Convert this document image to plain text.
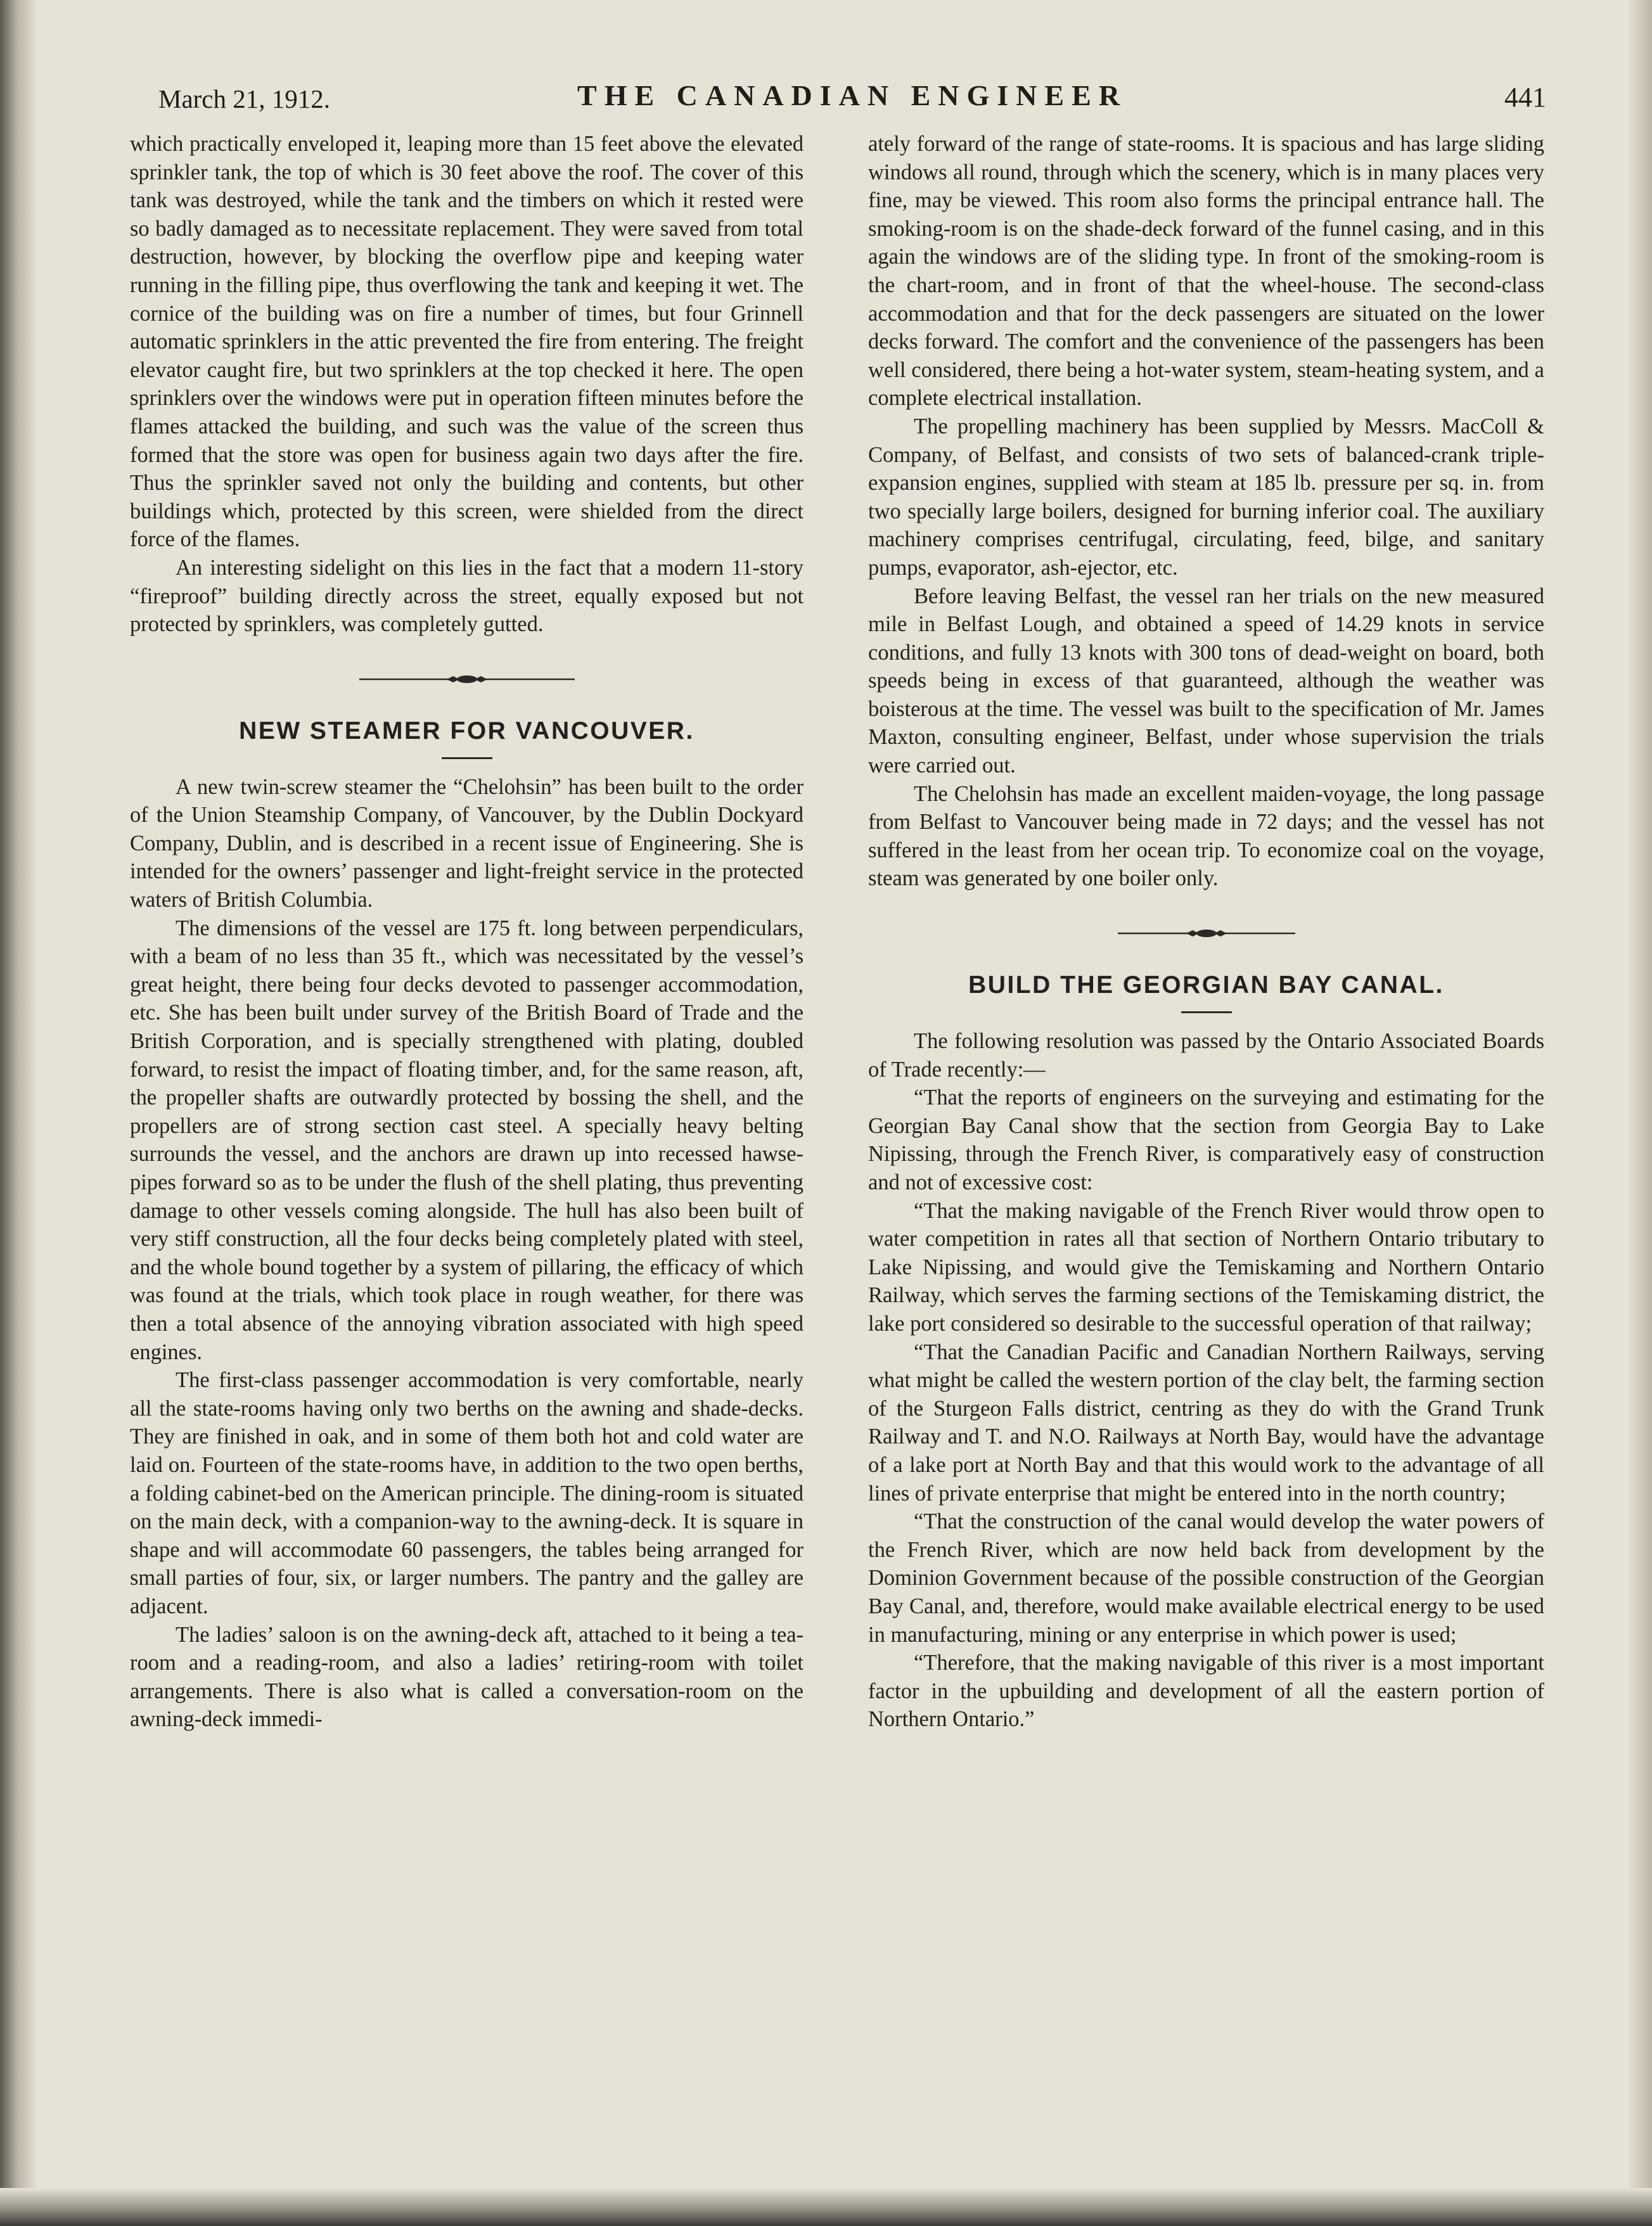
March 21, 1912.	THE CANADIAN ENGINEER	441

which practically enveloped it, leaping more than 15 feet above the elevated sprinkler tank, the top of which is 30 feet above the roof. The cover of this tank was destroyed, while the tank and the timbers on which it rested were so badly damaged as to necessitate replacement. They were saved from total destruction, however, by blocking the overflow pipe and keeping water running in the filling pipe, thus overflowing the tank and keeping it wet. The cornice of the building was on fire a number of times, but four Grinnell automatic sprinklers in the attic prevented the fire from entering. The freight elevator caught fire, but two sprinklers at the top checked it here. The open sprinklers over the windows were put in operation fifteen minutes before the flames attacked the building, and such was the value of the screen thus formed that the store was open for business again two days after the fire. Thus the sprinkler saved not only the building and contents, but other buildings which, protected by this screen, were shielded from the direct force of the flames.

An interesting sidelight on this lies in the fact that a modern 11-story “fireproof” building directly across the street, equally exposed but not protected by sprinklers, was completely gutted.

NEW STEAMER FOR VANCOUVER.

A new twin-screw steamer the “Chelohsin” has been built to the order of the Union Steamship Company, of Vancouver, by the Dublin Dockyard Company, Dublin, and is described in a recent issue of Engineering. She is intended for the owners’ passenger and light-freight service in the protected waters of British Columbia.

The dimensions of the vessel are 175 ft. long between perpendiculars, with a beam of no less than 35 ft., which was necessitated by the vessel’s great height, there being four decks devoted to passenger accommodation, etc. She has been built under survey of the British Board of Trade and the British Corporation, and is specially strengthened with plating, doubled forward, to resist the impact of floating timber, and, for the same reason, aft, the propeller shafts are outwardly protected by bossing the shell, and the propellers are of strong section cast steel. A specially heavy belting surrounds the vessel, and the anchors are drawn up into recessed hawse-pipes forward so as to be under the flush of the shell plating, thus preventing damage to other vessels coming alongside. The hull has also been built of very stiff construction, all the four decks being completely plated with steel, and the whole bound together by a system of pillaring, the efficacy of which was found at the trials, which took place in rough weather, for there was then a total absence of the annoying vibration associated with high speed engines.

The first-class passenger accommodation is very comfortable, nearly all the state-rooms having only two berths on the awning and shade-decks. They are finished in oak, and in some of them both hot and cold water are laid on. Fourteen of the state-rooms have, in addition to the two open berths, a folding cabinet-bed on the American principle. The dining-room is situated on the main deck, with a companion-way to the awning-deck. It is square in shape and will accommodate 60 passengers, the tables being arranged for small parties of four, six, or larger numbers. The pantry and the galley are adjacent.

The ladies’ saloon is on the awning-deck aft, attached to it being a tea-room and a reading-room, and also a ladies’ retiring-room with toilet arrangements. There is also what is called a conversation-room on the awning-deck immedi-

ately forward of the range of state-rooms. It is spacious and has large sliding windows all round, through which the scenery, which is in many places very fine, may be viewed. This room also forms the principal entrance hall. The smoking-room is on the shade-deck forward of the funnel casing, and in this again the windows are of the sliding type. In front of the smoking-room is the chart-room, and in front of that the wheel-house. The second-class accommodation and that for the deck passengers are situated on the lower decks forward. The comfort and the convenience of the passengers has been well considered, there being a hot-water system, steam-heating system, and a complete electrical installation.

The propelling machinery has been supplied by Messrs. MacColl & Company, of Belfast, and consists of two sets of balanced-crank triple-expansion engines, supplied with steam at 185 lb. pressure per sq. in. from two specially large boilers, designed for burning inferior coal. The auxiliary machinery comprises centrifugal, circulating, feed, bilge, and sanitary pumps, evaporator, ash-ejector, etc.

Before leaving Belfast, the vessel ran her trials on the new measured mile in Belfast Lough, and obtained a speed of 14.29 knots in service conditions, and fully 13 knots with 300 tons of dead-weight on board, both speeds being in excess of that guaranteed, although the weather was boisterous at the time. The vessel was built to the specification of Mr. James Maxton, consulting engineer, Belfast, under whose supervision the trials were carried out.

The Chelohsin has made an excellent maiden-voyage, the long passage from Belfast to Vancouver being made in 72 days; and the vessel has not suffered in the least from her ocean trip. To economize coal on the voyage, steam was generated by one boiler only.

BUILD THE GEORGIAN BAY CANAL.

The following resolution was passed by the Ontario Associated Boards of Trade recently:—

“That the reports of engineers on the surveying and estimating for the Georgian Bay Canal show that the section from Georgia Bay to Lake Nipissing, through the French River, is comparatively easy of construction and not of excessive cost:

“That the making navigable of the French River would throw open to water competition in rates all that section of Northern Ontario tributary to Lake Nipissing, and would give the Temiskaming and Northern Ontario Railway, which serves the farming sections of the Temiskaming district, the lake port considered so desirable to the successful operation of that railway;

“That the Canadian Pacific and Canadian Northern Railways, serving what might be called the western portion of the clay belt, the farming section of the Sturgeon Falls district, centring as they do with the Grand Trunk Railway and T. and N.O. Railways at North Bay, would have the advantage of a lake port at North Bay and that this would work to the advantage of all lines of private enterprise that might be entered into in the north country;

“That the construction of the canal would develop the water powers of the French River, which are now held back from development by the Dominion Government because of the possible construction of the Georgian Bay Canal, and, therefore, would make available electrical energy to be used in manufacturing, mining or any enterprise in which power is used;

“Therefore, that the making navigable of this river is a most important factor in the upbuilding and development of all the eastern portion of Northern Ontario.”
